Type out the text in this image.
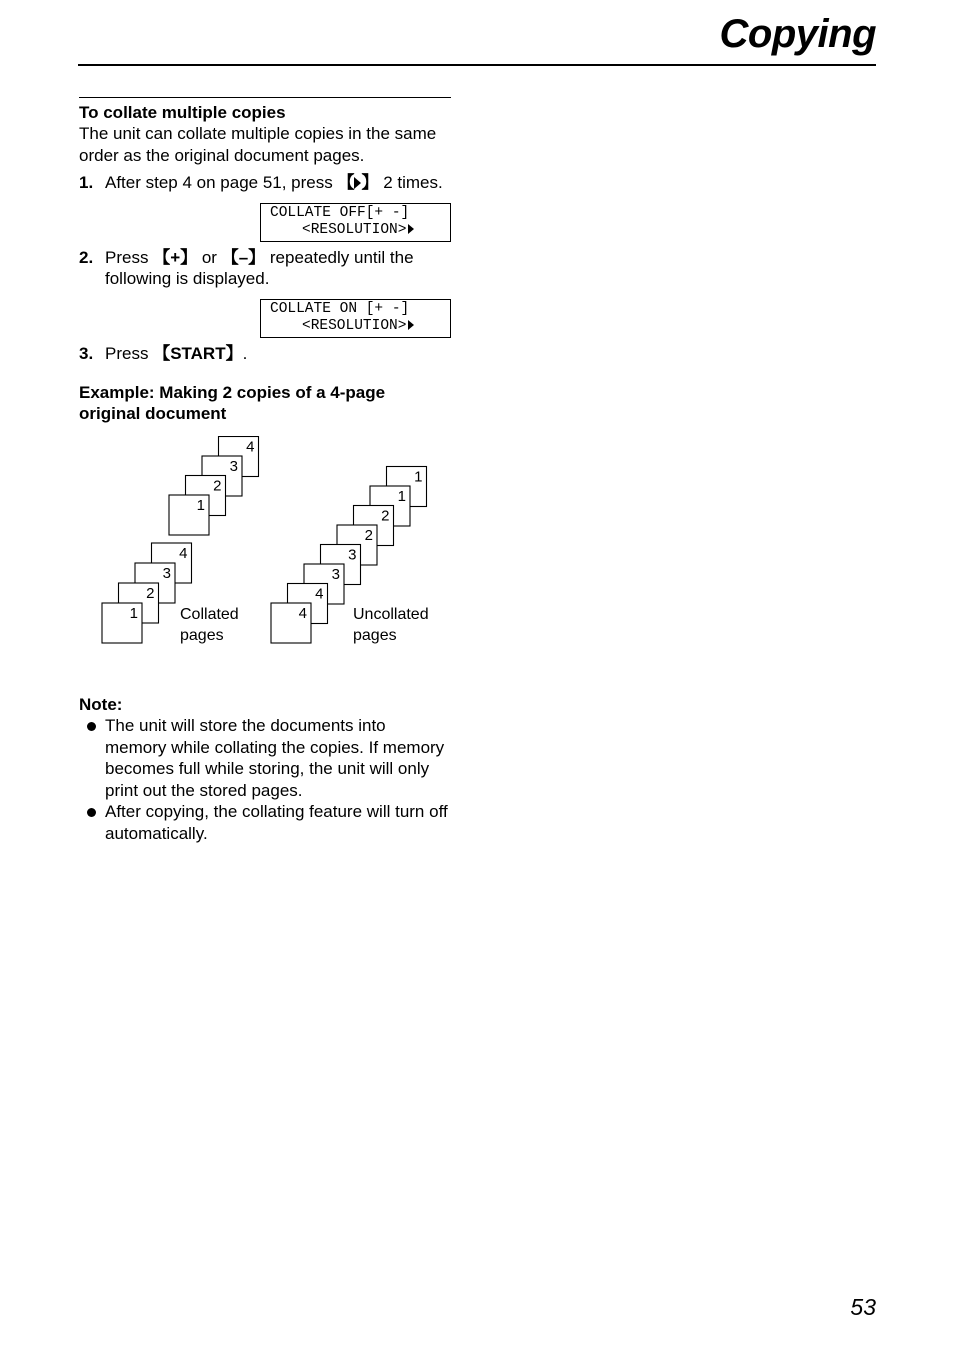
Copying
To collate multiple copies
The unit can collate multiple copies in the same order as the original document pages.
1. After step 4 on page 51, press 【 】 2 times.
COLLATE OFF[+ -]
<RESOLUTION>
2. Press 【+】 or 【–】 repeatedly until the following is displayed.
COLLATE ON [+ -]
<RESOLUTION>
3. Press 【START】.
Example: Making 2 copies of a 4-page original document
4
3
2
1
4
3
2
1
1
1
2
2
3
3
4
4
Collated
pages
Uncollated
pages
Note:
The unit will store the documents into memory while collating the copies. If memory becomes full while storing, the unit will only print out the stored pages.
After copying, the collating feature will turn off automatically.
53
